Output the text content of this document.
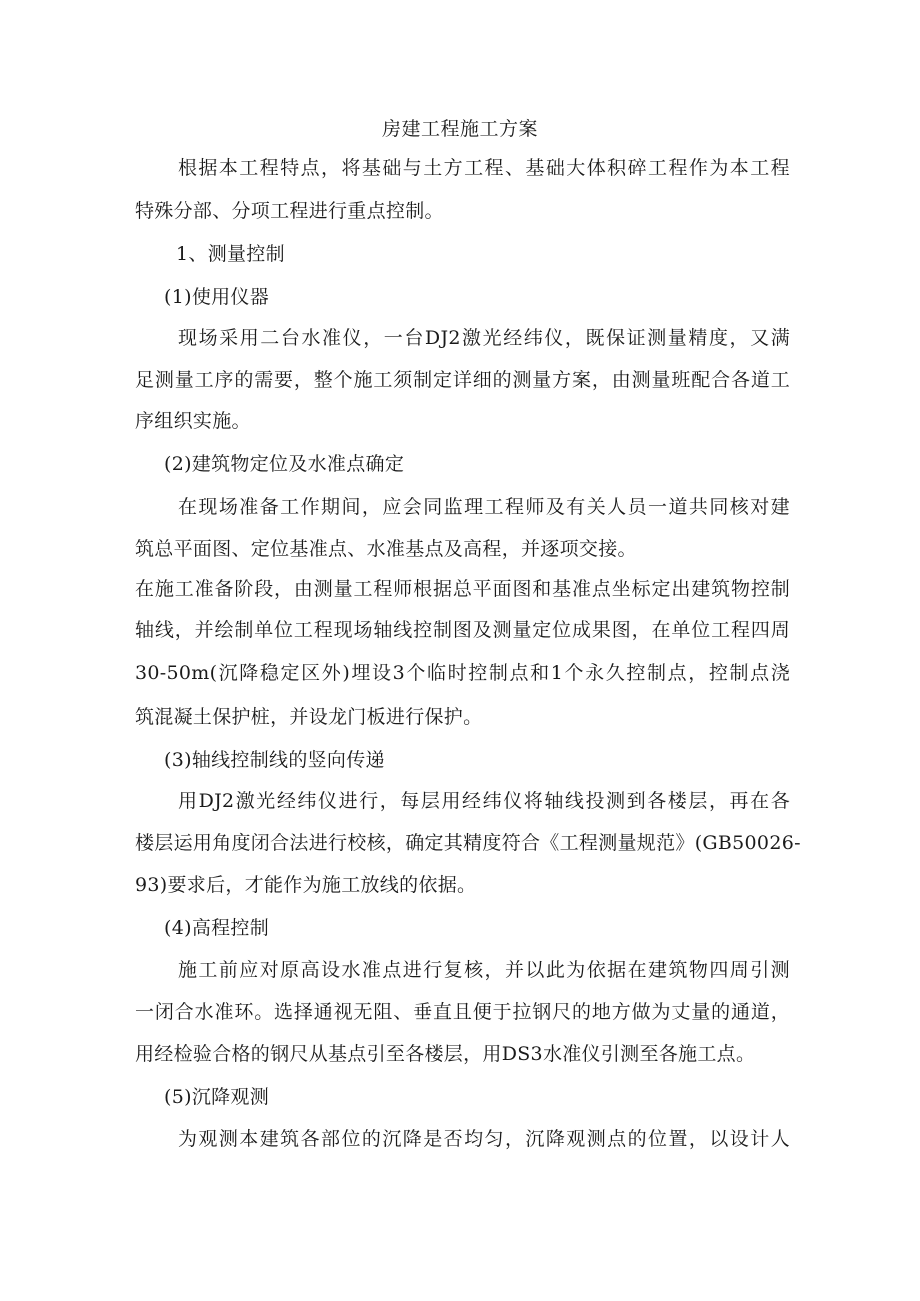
房建工程施工方案
根据本工程特点，将基础与土方工程、基础大体积碎工程作为本工程
特殊分部、分项工程进行重点控制。
1、测量控制
(1)使用仪器
现场采用二台水准仪，一台DJ2激光经纬仪，既保证测量精度，又满
足测量工序的需要，整个施工须制定详细的测量方案，由测量班配合各道工
序组织实施。
(2)建筑物定位及水准点确定
在现场准备工作期间，应会同监理工程师及有关人员一道共同核对建
筑总平面图、定位基准点、水准基点及高程，并逐项交接。
在施工准备阶段，由测量工程师根据总平面图和基准点坐标定出建筑物控制
轴线，并绘制单位工程现场轴线控制图及测量定位成果图，在单位工程四周
30-50m(沉降稳定区外)埋设3个临时控制点和1个永久控制点，控制点浇
筑混凝土保护桩，并设龙门板进行保护。
(3)轴线控制线的竖向传递
用DJ2激光经纬仪进行，每层用经纬仪将轴线投测到各楼层，再在各
楼层运用角度闭合法进行校核，确定其精度符合《工程测量规范》(GB50026-
93)要求后，才能作为施工放线的依据。
(4)高程控制
施工前应对原高设水准点进行复核，并以此为依据在建筑物四周引测
一闭合水准环。选择通视无阻、垂直且便于拉钢尺的地方做为丈量的通道，
用经检验合格的钢尺从基点引至各楼层，用DS3水准仪引测至各施工点。
(5)沉降观测
为观测本建筑各部位的沉降是否均匀，沉降观测点的位置，以设计人
